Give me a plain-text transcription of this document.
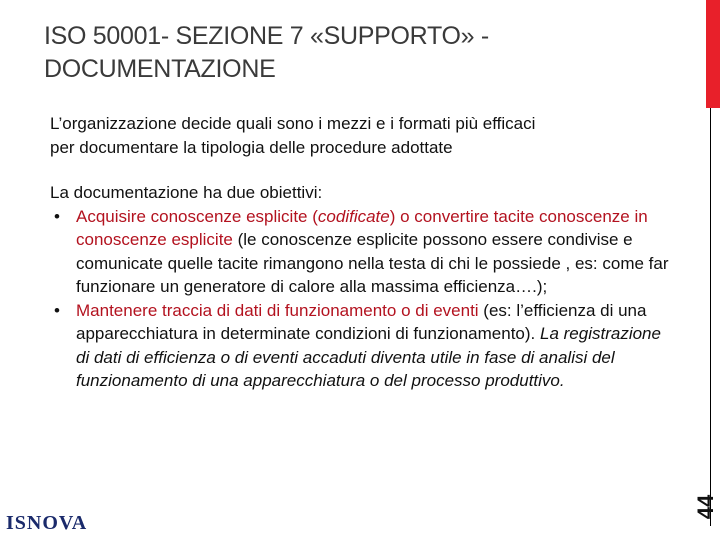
ISO 50001- SEZIONE 7 «SUPPORTO» -
DOCUMENTAZIONE
44
L’organizzazione decide quali sono i mezzi e i formati più efficaci
per documentare la tipologia delle procedure adottate
La documentazione ha due obiettivi:
• Acquisire conoscenze esplicite (codificate) o convertire tacite conoscenze in conoscenze esplicite (le conoscenze esplicite possono essere condivise e comunicate quelle tacite rimangono nella testa di chi le possiede , es: come far funzionare un generatore di calore alla massima efficienza….);
• Mantenere traccia di dati di funzionamento o di eventi (es: l’efficienza di una apparecchiatura in determinate condizioni di funzionamento). La registrazione di dati di efficienza o di eventi accaduti diventa utile in fase di analisi del funzionamento di una apparecchiatura o del processo produttivo.
ISNOVA
